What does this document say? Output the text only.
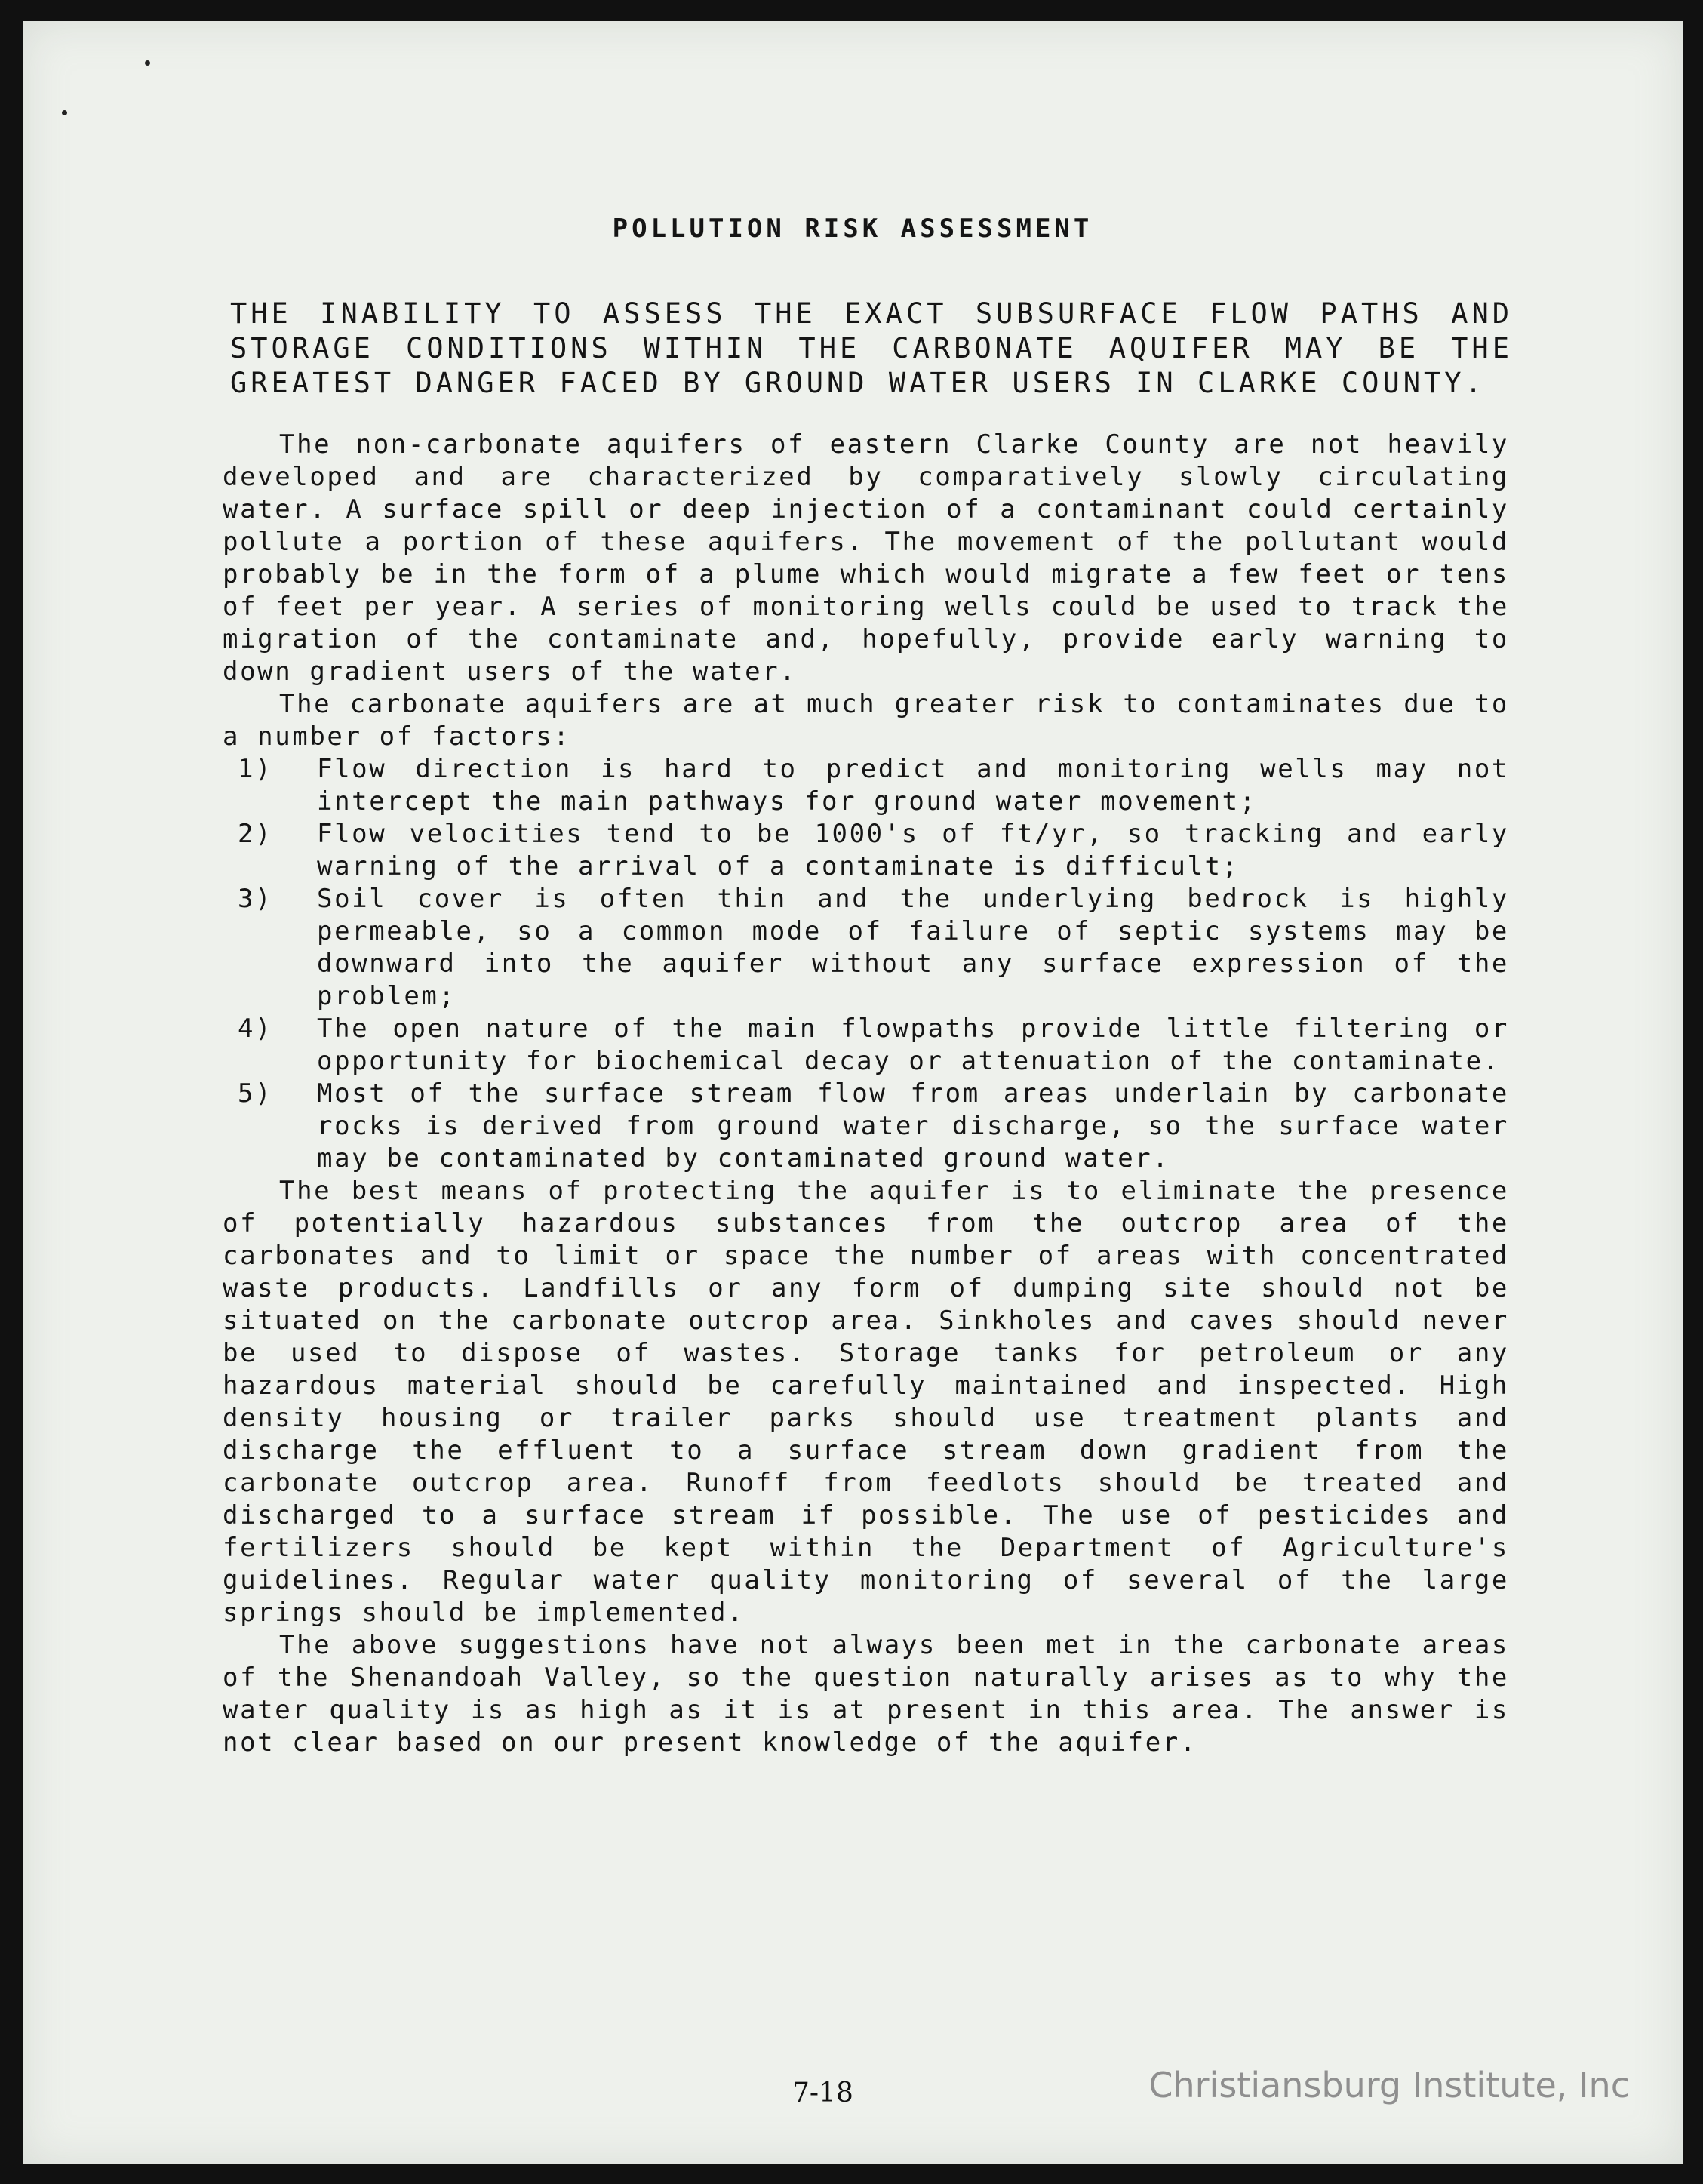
POLLUTION RISK ASSESSMENT
THE INABILITY TO ASSESS THE EXACT SUBSURFACE FLOW PATHS AND STORAGE CONDITIONS WITHIN THE CARBONATE AQUIFER MAY BE THE GREATEST DANGER FACED BY GROUND WATER USERS IN CLARKE COUNTY.

The non-carbonate aquifers of eastern Clarke County are not heavily developed and are characterized by comparatively slowly circulating water. A surface spill or deep injection of a contaminant could certainly pollute a portion of these aquifers. The movement of the pollutant would probably be in the form of a plume which would migrate a few feet or tens of feet per year. A series of monitoring wells could be used to track the migration of the contaminate and, hopefully, provide early warning to down gradient users of the water.

The carbonate aquifers are at much greater risk to contaminates due to a number of factors:

1) Flow direction is hard to predict and monitoring wells may not intercept the main pathways for ground water movement;
2) Flow velocities tend to be 1000's of ft/yr, so tracking and early warning of the arrival of a contaminate is difficult;
3) Soil cover is often thin and the underlying bedrock is highly permeable, so a common mode of failure of septic systems may be downward into the aquifer without any surface expression of the problem;
4) The open nature of the main flowpaths provide little filtering or opportunity for biochemical decay or attenuation of the contaminate.
5) Most of the surface stream flow from areas underlain by carbonate rocks is derived from ground water discharge, so the surface water may be contaminated by contaminated ground water.

The best means of protecting the aquifer is to eliminate the presence of potentially hazardous substances from the outcrop area of the carbonates and to limit or space the number of areas with concentrated waste products. Landfills or any form of dumping site should not be situated on the carbonate outcrop area. Sinkholes and caves should never be used to dispose of wastes. Storage tanks for petroleum or any hazardous material should be carefully maintained and inspected. High density housing or trailer parks should use treatment plants and discharge the effluent to a surface stream down gradient from the carbonate outcrop area. Runoff from feedlots should be treated and discharged to a surface stream if possible. The use of pesticides and fertilizers should be kept within the Department of Agriculture's guidelines. Regular water quality monitoring of several of the large springs should be implemented.

The above suggestions have not always been met in the carbonate areas of the Shenandoah Valley, so the question naturally arises as to why the water quality is as high as it is at present in this area. The answer is not clear based on our present knowledge of the aquifer.

7-18	Christiansburg Institute, Inc
